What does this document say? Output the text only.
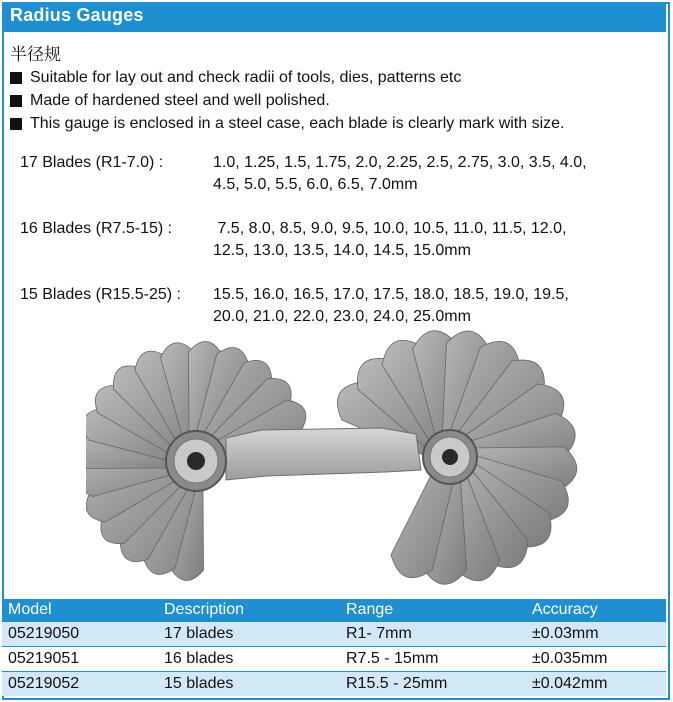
Radius Gauges
半径规
Suitable for lay out and check radii of tools, dies, patterns etc
Made of hardened steel and well polished.
This gauge is enclosed in a steel case, each blade is clearly mark with size.
17 Blades (R1-7.0) :	1.0, 1.25, 1.5, 1.75, 2.0, 2.25, 2.5, 2.75, 3.0, 3.5, 4.0,
4.5, 5.0, 5.5, 6.0, 6.5, 7.0mm
16 Blades (R7.5-15) :	7.5, 8.0, 8.5, 9.0, 9.5, 10.0, 10.5, 11.0, 11.5, 12.0,
12.5, 13.0, 13.5, 14.0, 14.5, 15.0mm
15 Blades (R15.5-25) :	15.5, 16.0, 16.5, 17.0, 17.5, 18.0, 18.5, 19.0, 19.5,
20.0, 21.0, 22.0, 23.0, 24.0, 25.0mm
Model	Description	Range	Accuracy
05219050	17 blades	R1- 7mm	±0.03mm
05219051	16 blades	R7.5 - 15mm	±0.035mm
05219052	15 blades	R15.5 - 25mm	±0.042mm
